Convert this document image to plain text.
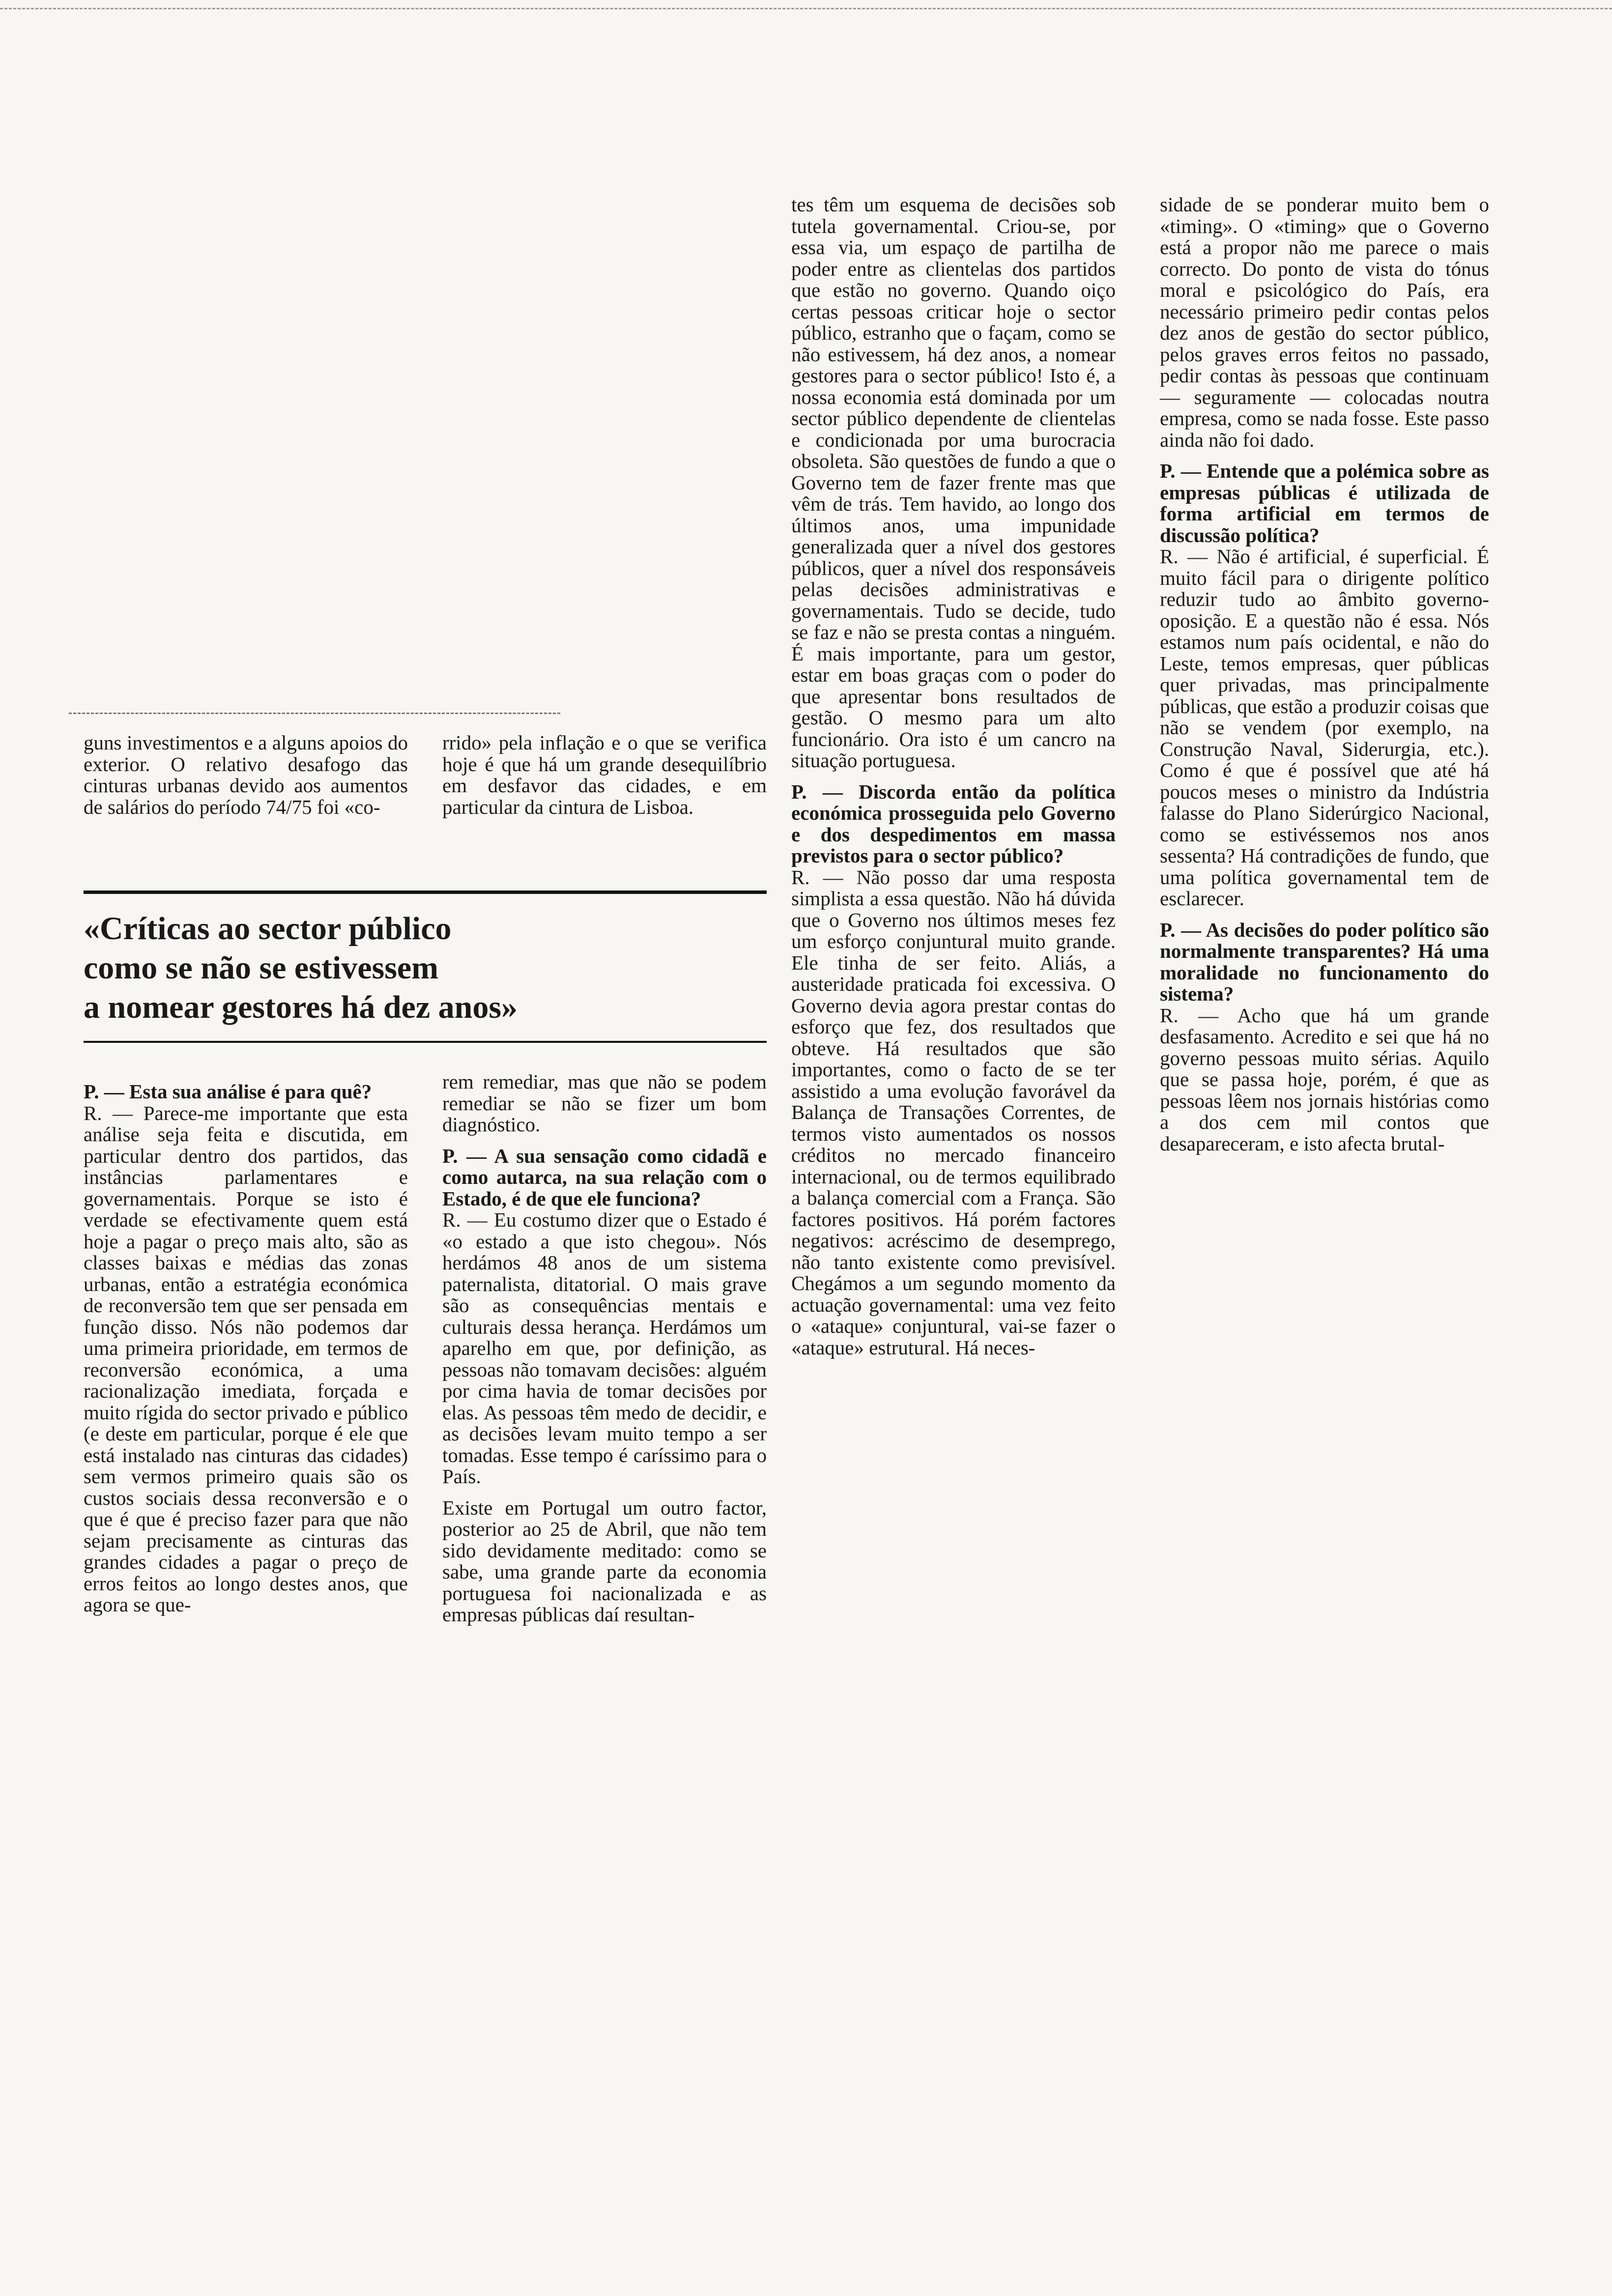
guns investimentos e a alguns apoios do exterior. O relativo desafogo das cinturas urbanas devido aos aumentos de salários do período 74/75 foi «co-

rrido» pela inflação e o que se verifica hoje é que há um grande desequilíbrio em desfavor das cidades, e em particular da cintura de Lisboa.

«Críticas ao sector público
como se não se estivessem
a nomear gestores há dez anos»

P. — Esta sua análise é para quê?

R. — Parece-me importante que esta análise seja feita e discutida, em particular dentro dos partidos, das instâncias parlamentares e governamentais. Porque se isto é verdade se efectivamente quem está hoje a pagar o preço mais alto, são as classes baixas e médias das zonas urbanas, então a estratégia económica de reconversão tem que ser pensada em função disso. Nós não podemos dar uma primeira prioridade, em termos de reconversão económica, a uma racionalização imediata, forçada e muito rígida do sector privado e público (e deste em particular, porque é ele que está instalado nas cinturas das cidades) sem vermos primeiro quais são os custos sociais dessa reconversão e o que é que é preciso fazer para que não sejam precisamente as cinturas das grandes cidades a pagar o preço de erros feitos ao longo destes anos, que agora se que-

rem remediar, mas que não se podem remediar se não se fizer um bom diagnóstico.

P. — A sua sensação como cidadã e como autarca, na sua relação com o Estado, é de que ele funciona?

R. — Eu costumo dizer que o Estado é «o estado a que isto chegou». Nós herdámos 48 anos de um sistema paternalista, ditatorial. O mais grave são as consequências mentais e culturais dessa herança. Herdámos um aparelho em que, por definição, as pessoas não tomavam decisões: alguém por cima havia de tomar decisões por elas. As pessoas têm medo de decidir, e as decisões levam muito tempo a ser tomadas. Esse tempo é caríssimo para o País.

Existe em Portugal um outro factor, posterior ao 25 de Abril, que não tem sido devidamente meditado: como se sabe, uma grande parte da economia portuguesa foi nacionalizada e as empresas públicas daí resultan-

tes têm um esquema de decisões sob tutela governamental. Criou-se, por essa via, um espaço de partilha de poder entre as clientelas dos partidos que estão no governo. Quando oiço certas pessoas criticar hoje o sector público, estranho que o façam, como se não estivessem, há dez anos, a nomear gestores para o sector público! Isto é, a nossa economia está dominada por um sector público dependente de clientelas e condicionada por uma burocracia obsoleta. São questões de fundo a que o Governo tem de fazer frente mas que vêm de trás. Tem havido, ao longo dos últimos anos, uma impunidade generalizada quer a nível dos gestores públicos, quer a nível dos responsáveis pelas decisões administrativas e governamentais. Tudo se decide, tudo se faz e não se presta contas a ninguém. É mais importante, para um gestor, estar em boas graças com o poder do que apresentar bons resultados de gestão. O mesmo para um alto funcionário. Ora isto é um cancro na situação portuguesa.

P. — Discorda então da política económica prosseguida pelo Governo e dos despedimentos em massa previstos para o sector público?

R. — Não posso dar uma resposta simplista a essa questão. Não há dúvida que o Governo nos últimos meses fez um esforço conjuntural muito grande. Ele tinha de ser feito. Aliás, a austeridade praticada foi excessiva. O Governo devia agora prestar contas do esforço que fez, dos resultados que obteve. Há resultados que são importantes, como o facto de se ter assistido a uma evolução favorável da Balança de Transações Correntes, de termos visto aumentados os nossos créditos no mercado financeiro internacional, ou de termos equilibrado a balança comercial com a França. São factores positivos. Há porém factores negativos: acréscimo de desemprego, não tanto existente como previsível. Chegámos a um segundo momento da actuação governamental: uma vez feito o «ataque» conjuntural, vai-se fazer o «ataque» estrutural. Há neces-

sidade de se ponderar muito bem o «timing». O «timing» que o Governo está a propor não me parece o mais correcto. Do ponto de vista do tónus moral e psicológico do País, era necessário primeiro pedir contas pelos dez anos de gestão do sector público, pelos graves erros feitos no passado, pedir contas às pessoas que continuam — seguramente — colocadas noutra empresa, como se nada fosse. Este passo ainda não foi dado.

P. — Entende que a polémica sobre as empresas públicas é utilizada de forma artificial em termos de discussão política?

R. — Não é artificial, é superficial. É muito fácil para o dirigente político reduzir tudo ao âmbito governo-oposição. E a questão não é essa. Nós estamos num país ocidental, e não do Leste, temos empresas, quer públicas quer privadas, mas principalmente públicas, que estão a produzir coisas que não se vendem (por exemplo, na Construção Naval, Siderurgia, etc.). Como é que é possível que até há poucos meses o ministro da Indústria falasse do Plano Siderúrgico Nacional, como se estivéssemos nos anos sessenta? Há contradições de fundo, que uma política governamental tem de esclarecer.

P. — As decisões do poder político são normalmente transparentes? Há uma moralidade no funcionamento do sistema?

R. — Acho que há um grande desfasamento. Acredito e sei que há no governo pessoas muito sérias. Aquilo que se passa hoje, porém, é que as pessoas lêem nos jornais histórias como a dos cem mil contos que desapareceram, e isto afecta brutal-
